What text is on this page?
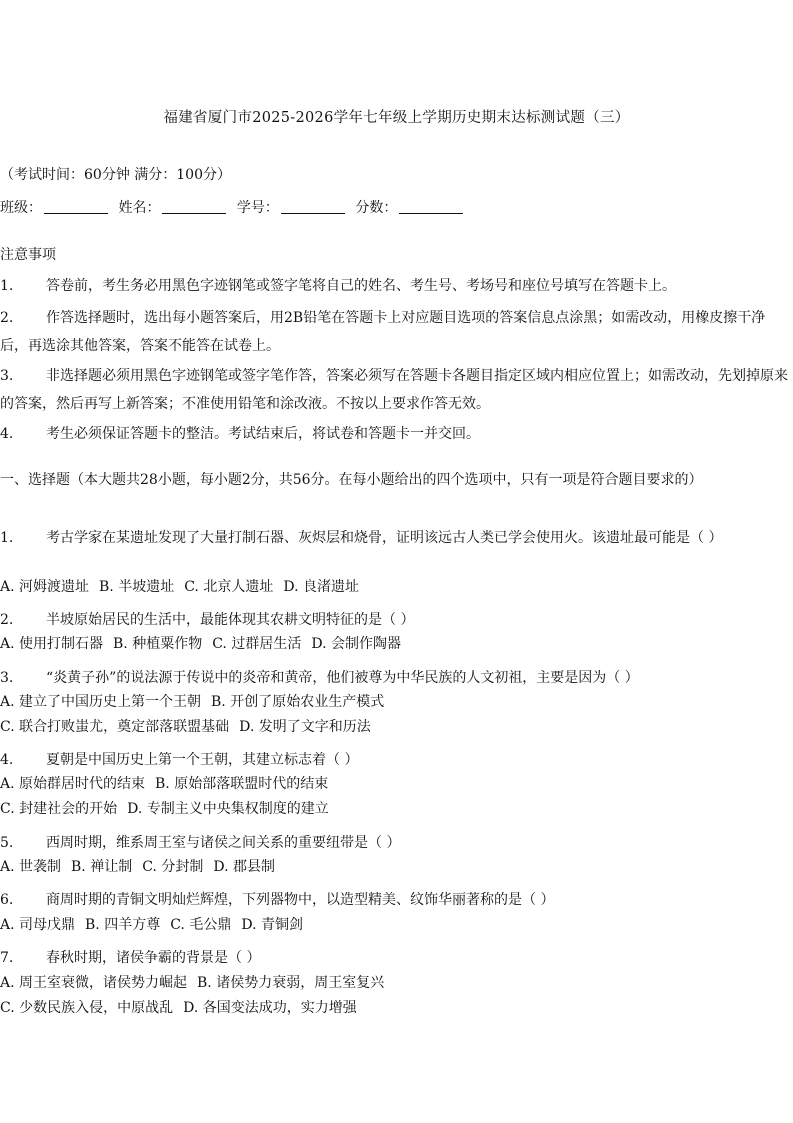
福建省厦门市2025-2026学年七年级上学期历史期末达标测试题（三）
（考试时间：60分钟 满分：100分）
班级：	姓名：	学号：	分数：
注意事项
1. 答卷前，考生务必用黑色字迹钢笔或签字笔将自己的姓名、考生号、考场号和座位号填写在答题卡上。
2. 作答选择题时，选出每小题答案后，用2B铅笔在答题卡上对应题目选项的答案信息点涂黑；如需改动，用橡皮擦干净后，再选涂其他答案，答案不能答在试卷上。
3. 非选择题必须用黑色字迹钢笔或签字笔作答，答案必须写在答题卡各题目指定区域内相应位置上；如需改动，先划掉原来的答案，然后再写上新答案；不准使用铅笔和涂改液。不按以上要求作答无效。
4. 考生必须保证答题卡的整洁。考试结束后，将试卷和答题卡一并交回。
一、选择题（本大题共28小题，每小题2分，共56分。在每小题给出的四个选项中，只有一项是符合题目要求的）
1. 考古学家在某遗址发现了大量打制石器、灰烬层和烧骨，证明该远古人类已学会使用火。该遗址最可能是（ ）
A. 河姆渡遗址 B. 半坡遗址 C. 北京人遗址 D. 良渚遗址
2. 半坡原始居民的生活中，最能体现其农耕文明特征的是（ ）
A. 使用打制石器 B. 种植粟作物 C. 过群居生活 D. 会制作陶器
3. “炎黄子孙”的说法源于传说中的炎帝和黄帝，他们被尊为中华民族的人文初祖，主要是因为（ ）
A. 建立了中国历史上第一个王朝 B. 开创了原始农业生产模式
C. 联合打败蚩尤，奠定部落联盟基础 D. 发明了文字和历法
4. 夏朝是中国历史上第一个王朝，其建立标志着（ ）
A. 原始群居时代的结束 B. 原始部落联盟时代的结束
C. 封建社会的开始 D. 专制主义中央集权制度的建立
5. 西周时期，维系周王室与诸侯之间关系的重要纽带是（ ）
A. 世袭制 B. 禅让制 C. 分封制 D. 郡县制
6. 商周时期的青铜文明灿烂辉煌，下列器物中，以造型精美、纹饰华丽著称的是（ ）
A. 司母戊鼎 B. 四羊方尊 C. 毛公鼎 D. 青铜剑
7. 春秋时期，诸侯争霸的背景是（ ）
A. 周王室衰微，诸侯势力崛起 B. 诸侯势力衰弱，周王室复兴
C. 少数民族入侵，中原战乱 D. 各国变法成功，实力增强
